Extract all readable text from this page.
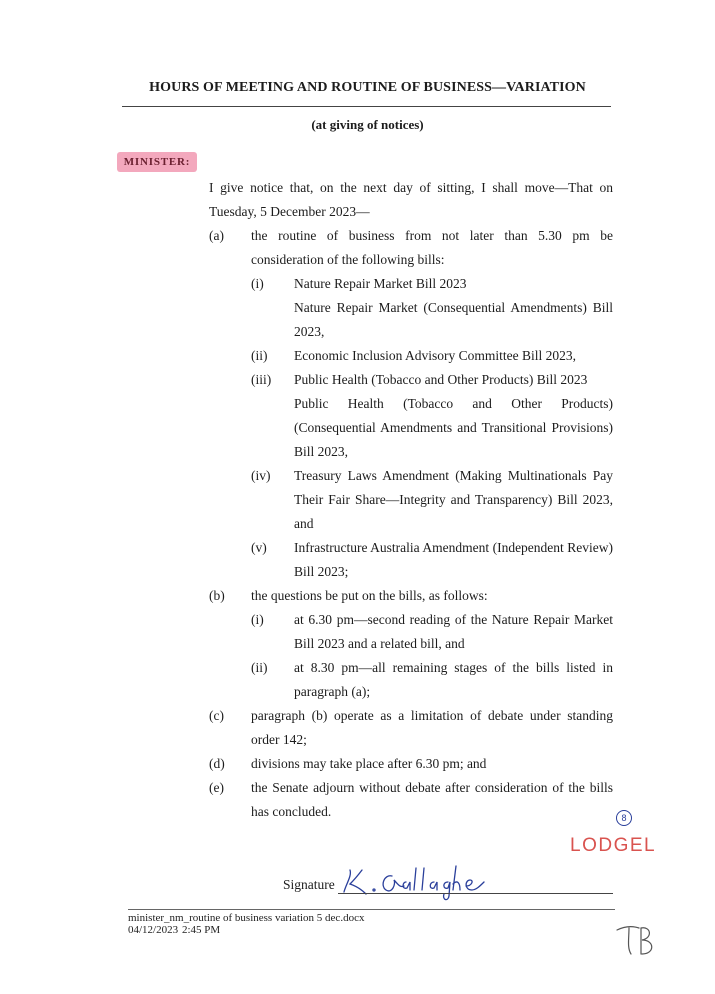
HOURS OF MEETING AND ROUTINE OF BUSINESS—VARIATION
(at giving of notices)
MINISTER:
I give notice that, on the next day of sitting, I shall move—That on
Tuesday, 5 December 2023—
(a) the routine of business from not later than 5.30 pm be consideration of the following bills:
(i) Nature Repair Market Bill 2023
Nature Repair Market (Consequential Amendments) Bill 2023,
(ii) Economic Inclusion Advisory Committee Bill 2023,
(iii) Public Health (Tobacco and Other Products) Bill 2023
Public Health (Tobacco and Other Products) (Consequential Amendments and Transitional Provisions) Bill 2023,
(iv) Treasury Laws Amendment (Making Multinationals Pay Their Fair Share—Integrity and Transparency) Bill 2023, and
(v) Infrastructure Australia Amendment (Independent Review) Bill 2023;
(b) the questions be put on the bills, as follows:
(i) at 6.30 pm—second reading of the Nature Repair Market Bill 2023 and a related bill, and
(ii) at 8.30 pm—all remaining stages of the bills listed in paragraph (a);
(c) paragraph (b) operate as a limitation of debate under standing order 142;
(d) divisions may take place after 6.30 pm; and
(e) the Senate adjourn without debate after consideration of the bills has concluded.	8
LODGEL
Signature
minister_nm_routine of business variation 5 dec.docx
04/12/2023 2:45 PM
